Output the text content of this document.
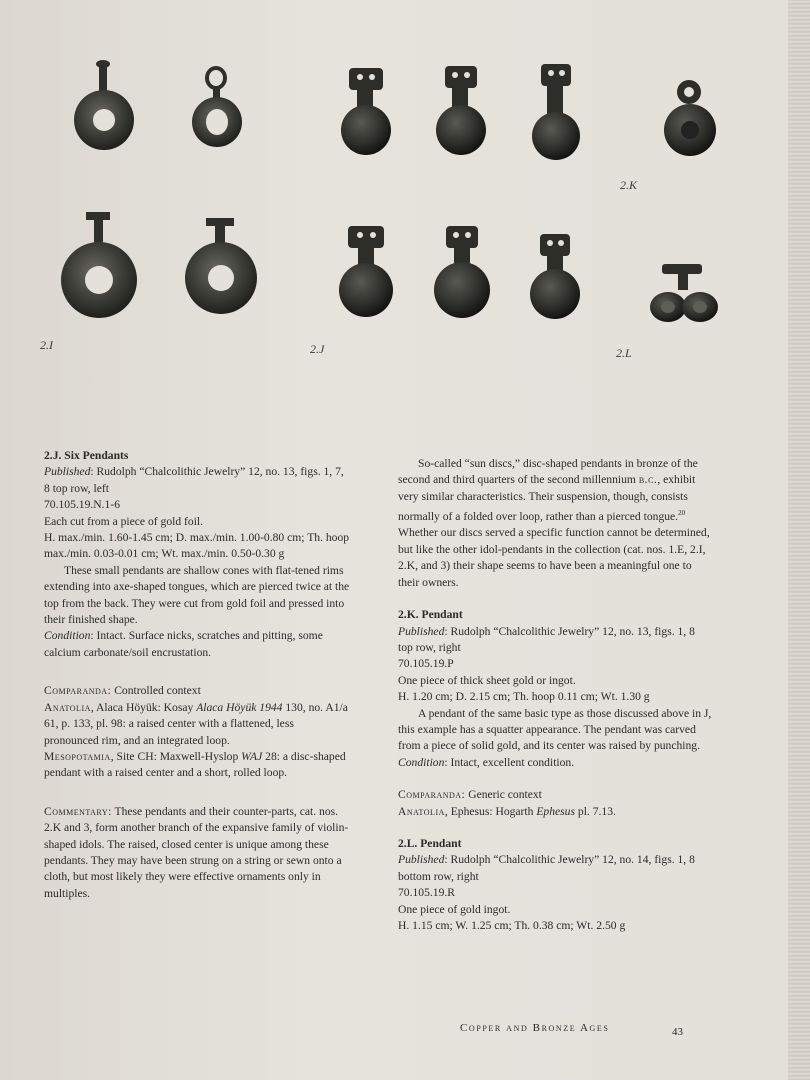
2.I	2.J
2.K
2.L

2.J. Six Pendants

Published: Rudolph “Chalcolithic Jewelry” 12, no. 13, figs. 1, 7, 8 top row, left

70.105.19.N.1-6

Each cut from a piece of gold foil.

H. max./min. 1.60-1.45 cm; D. max./min. 1.00-0.80 cm; Th. hoop max./min. 0.03-0.01 cm; Wt. max./min. 0.50-0.30 g

These small pendants are shallow cones with flat-tened rims extending into axe-shaped tongues, which are pierced twice at the top from the back. They were cut from gold foil and pressed into their finished shape.

Condition: Intact. Surface nicks, scratches and pitting, some calcium carbonate/soil encrustation.

Comparanda: Controlled context

Anatolia, Alaca Höyük: Kosay Alaca Höyük 1944 130, no. A1/a 61, p. 133, pl. 98: a raised center with a flattened, less pronounced rim, and an integrated loop.

Mesopotamia, Site CH: Maxwell-Hyslop WAJ 28: a disc-shaped pendant with a raised center and a short, rolled loop.

Commentary: These pendants and their counter-parts, cat. nos. 2.K and 3, form another branch of the expansive family of violin-shaped idols. The raised, closed center is unique among these pendants. They may have been strung on a string or sewn onto a cloth, but most likely they were effective ornaments only in multiples.

So-called “sun discs,” disc-shaped pendants in bronze of the second and third quarters of the second millennium b.c., exhibit very similar characteristics. Their suspension, though, consists normally of a folded over loop, rather than a pierced tongue.$^{20}$ Whether our discs served a specific function cannot be determined, but like the other idol-pendants in the collection (cat. nos. 1.E, 2.I, 2.K, and 3) their shape seems to have been a meaningful one to their owners.

2.K. Pendant

Published: Rudolph “Chalcolithic Jewelry” 12, no. 13, figs. 1, 8 top row, right

70.105.19.P

One piece of thick sheet gold or ingot.

H. 1.20 cm; D. 2.15 cm; Th. hoop 0.11 cm; Wt. 1.30 g

A pendant of the same basic type as those discussed above in J, this example has a squatter appearance. The pendant was carved from a piece of solid gold, and its center was raised by punching.

Condition: Intact, excellent condition.

Comparanda: Generic context

Anatolia, Ephesus: Hogarth Ephesus pl. 7.13.

2.L. Pendant

Published: Rudolph “Chalcolithic Jewelry” 12, no. 14, figs. 1, 8 bottom row, right

70.105.19.R

One piece of gold ingot.

H. 1.15 cm; W. 1.25 cm; Th. 0.38 cm; Wt. 2.50 g

Copper and Bronze Ages	43
